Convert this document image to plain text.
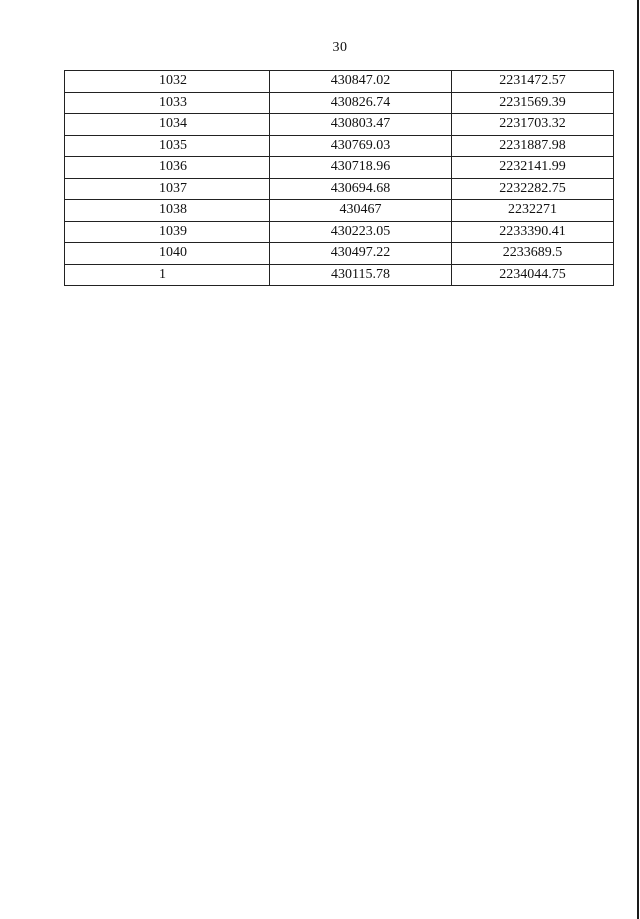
30
1032	430847.02	2231472.57
1033	430826.74	2231569.39
1034	430803.47	2231703.32
1035	430769.03	2231887.98
1036	430718.96	2232141.99
1037	430694.68	2232282.75
1038	430467	2232271
1039	430223.05	2233390.41
1040	430497.22	2233689.5
1	430115.78	2234044.75
